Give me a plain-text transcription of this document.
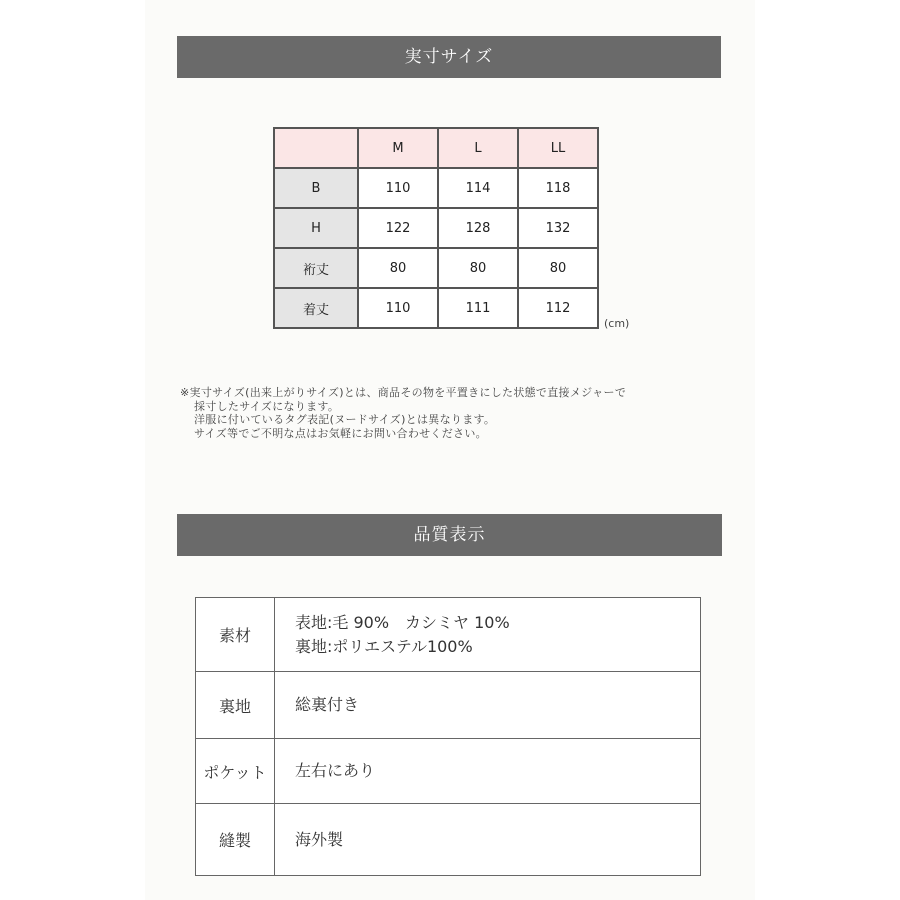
実寸サイズ
	M	L	LL
B	110	114	118
H	122	128	132
裄丈	80	80	80
着丈	110	111	112
(cm)
※実寸サイズ(出来上がりサイズ)とは、商品その物を平置きにした状態で直接メジャーで
採寸したサイズになります。
洋服に付いているタグ表記(ヌードサイズ)とは異なります。
サイズ等でご不明な点はお気軽にお問い合わせください。
品質表示
素材	表地:毛 90%　カシミヤ 10%
裏地:ポリエステル100%

裏地	総裏付き

ポケット	左右にあり

縫製	海外製
